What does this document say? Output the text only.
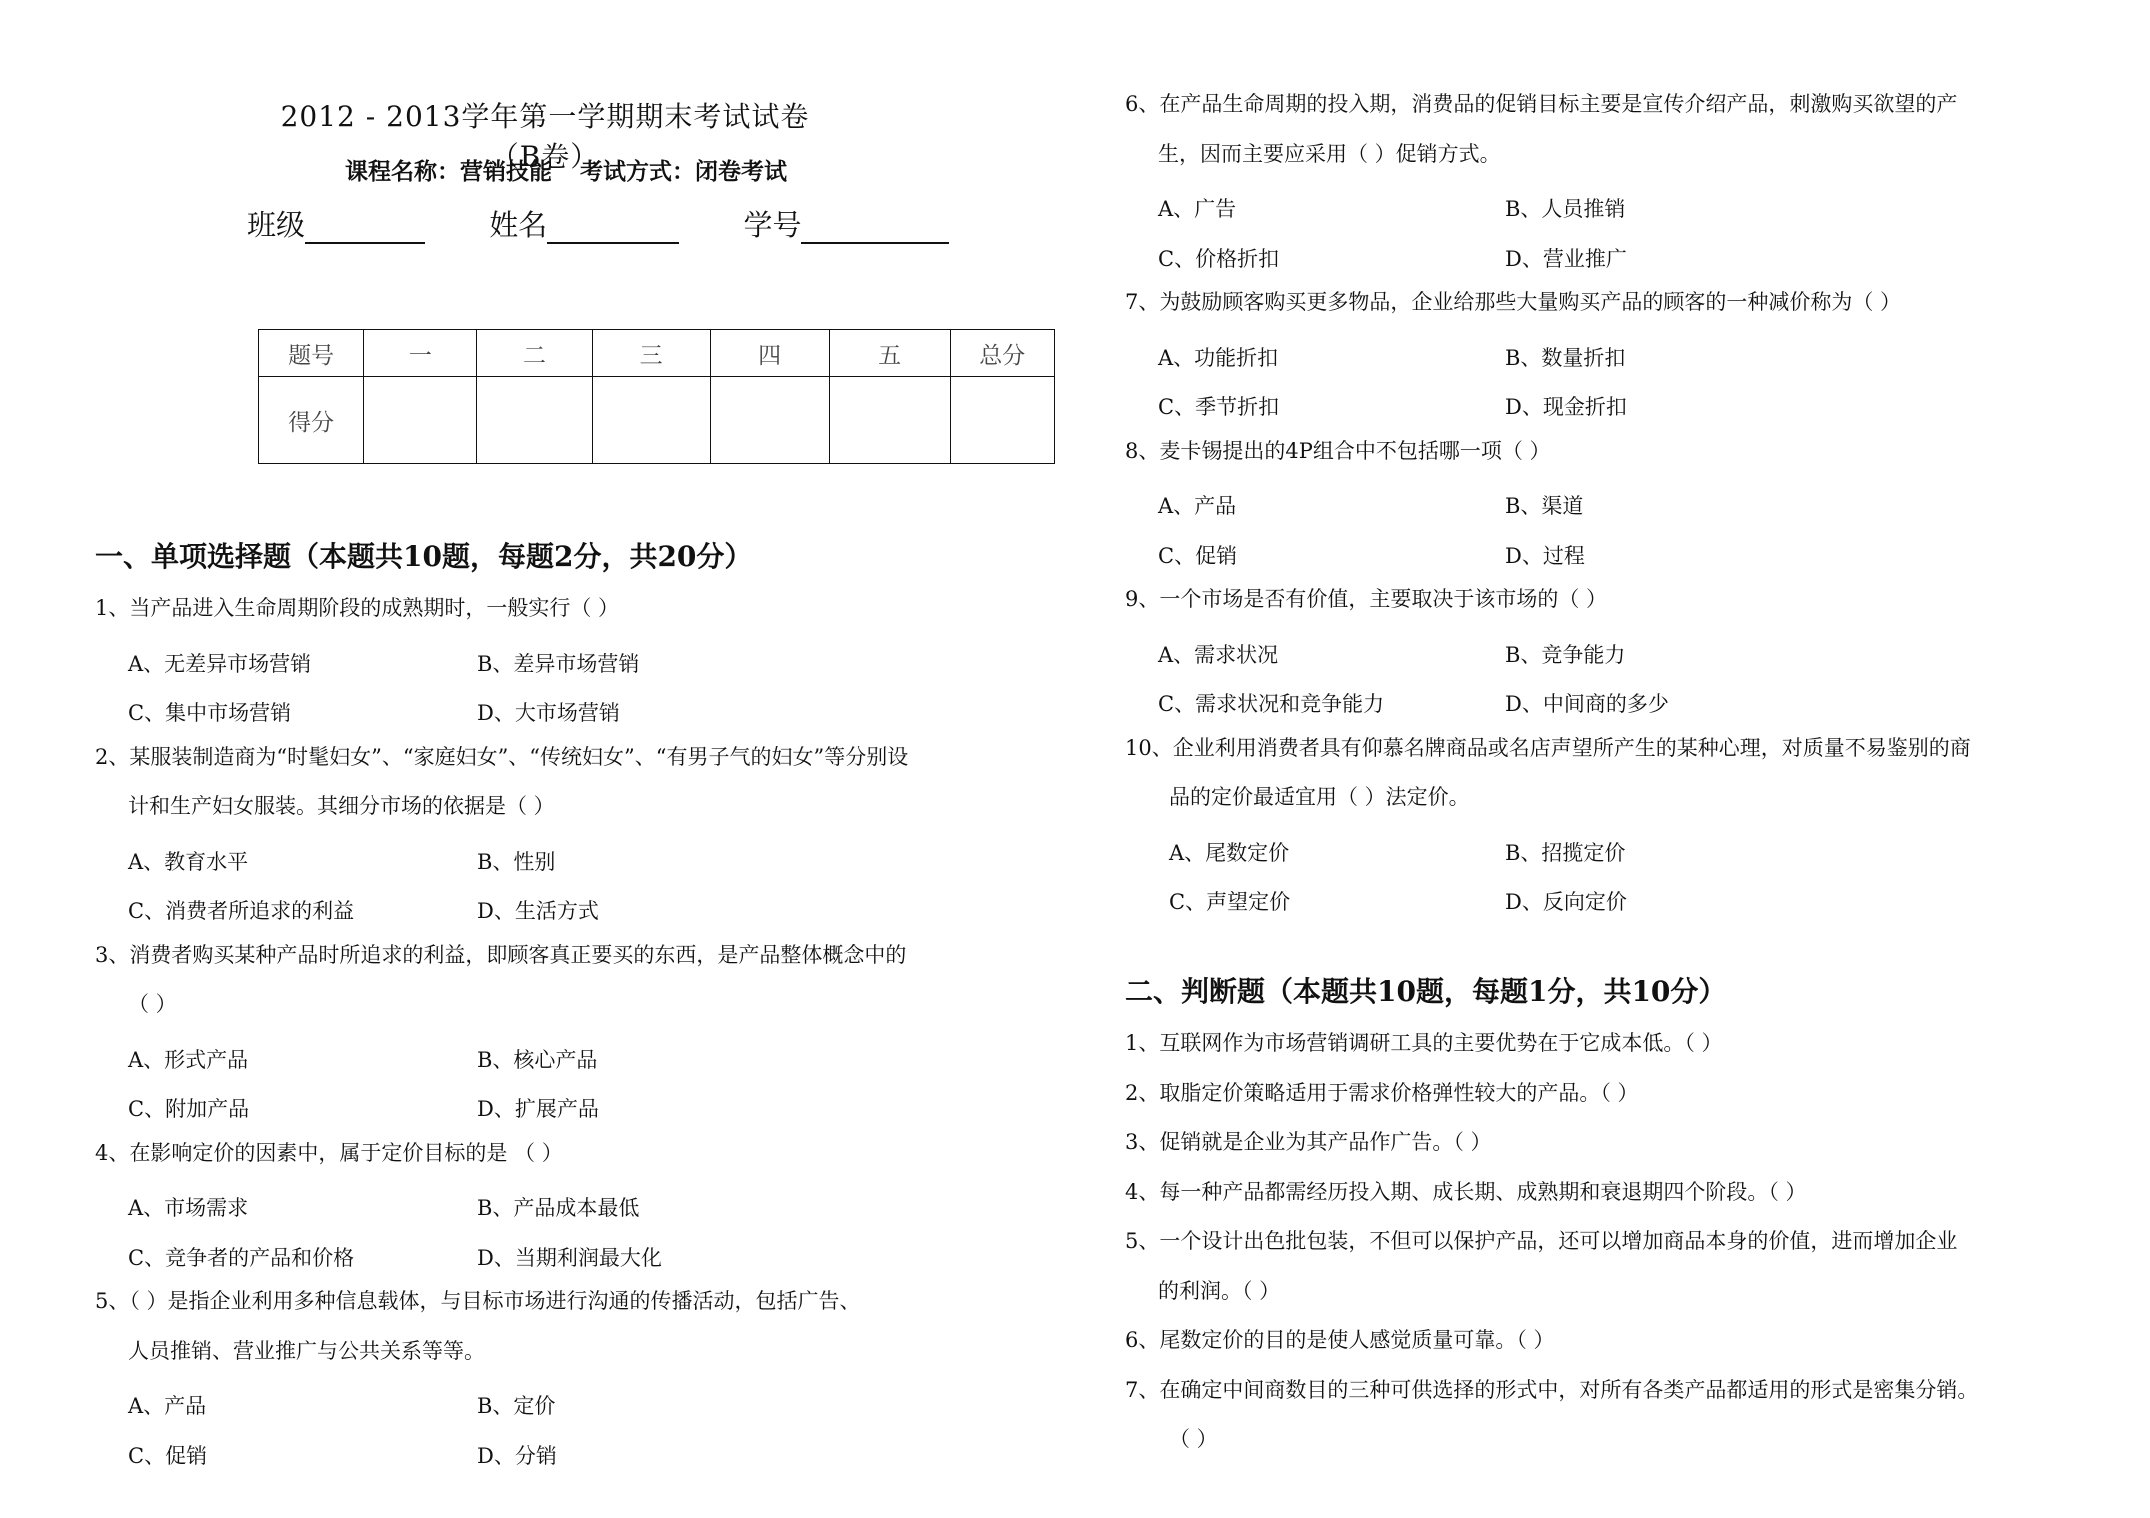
2012 - 2013学年第一学期期末考试试卷（B卷）
课程名称：营销技能 考试方式：闭卷考试
班级	姓名	学号
题号	一	二	三	四	五	总分
得分						
一、单项选择题（本题共10题，每题2分，共20分）
1、当产品进入生命周期阶段的成熟期时，一般实行（ ）
A、无差异市场营销	B、差异市场营销
C、集中市场营销	D、大市场营销
2、某服装制造商为“时髦妇女”、“家庭妇女”、“传统妇女”、“有男子气的妇女”等分别设
计和生产妇女服装。其细分市场的依据是（ ）
A、教育水平	B、性别
C、消费者所追求的利益	D、生活方式
3、消费者购买某种产品时所追求的利益，即顾客真正要买的东西，是产品整体概念中的
（ ）
A、形式产品	B、核心产品
C、附加产品	D、扩展产品
4、在影响定价的因素中，属于定价目标的是 （ ）
A、市场需求	B、产品成本最低
C、竞争者的产品和价格	D、当期利润最大化
5、（ ）是指企业利用多种信息载体，与目标市场进行沟通的传播活动，包括广告、
人员推销、营业推广与公共关系等等。
A、产品	B、定价
C、促销	D、分销
6、在产品生命周期的投入期，消费品的促销目标主要是宣传介绍产品，刺激购买欲望的产
生，因而主要应采用（ ）促销方式。
A、广告	B、人员推销
C、价格折扣	D、营业推广
7、为鼓励顾客购买更多物品，企业给那些大量购买产品的顾客的一种减价称为（ ）
A、功能折扣	B、数量折扣
C、季节折扣	D、现金折扣
8、麦卡锡提出的4P组合中不包括哪一项（ ）
A、产品	B、渠道
C、促销	D、过程
9、一个市场是否有价值，主要取决于该市场的（ ）
A、需求状况	B、竞争能力
C、需求状况和竞争能力	D、中间商的多少
10、企业利用消费者具有仰慕名牌商品或名店声望所产生的某种心理，对质量不易鉴别的商
品的定价最适宜用（ ）法定价。
A、尾数定价	B、招揽定价
C、声望定价	D、反向定价
二、判断题（本题共10题，每题1分，共10分）
1、互联网作为市场营销调研工具的主要优势在于它成本低。（ ）
2、取脂定价策略适用于需求价格弹性较大的产品。（ ）
3、促销就是企业为其产品作广告。（ ）
4、每一种产品都需经历投入期、成长期、成熟期和衰退期四个阶段。（ ）
5、一个设计出色批包装，不但可以保护产品，还可以增加商品本身的价值，进而增加企业
的利润。（ ）
6、尾数定价的目的是使人感觉质量可靠。（ ）
7、在确定中间商数目的三种可供选择的形式中，对所有各类产品都适用的形式是密集分销。
（ ）
